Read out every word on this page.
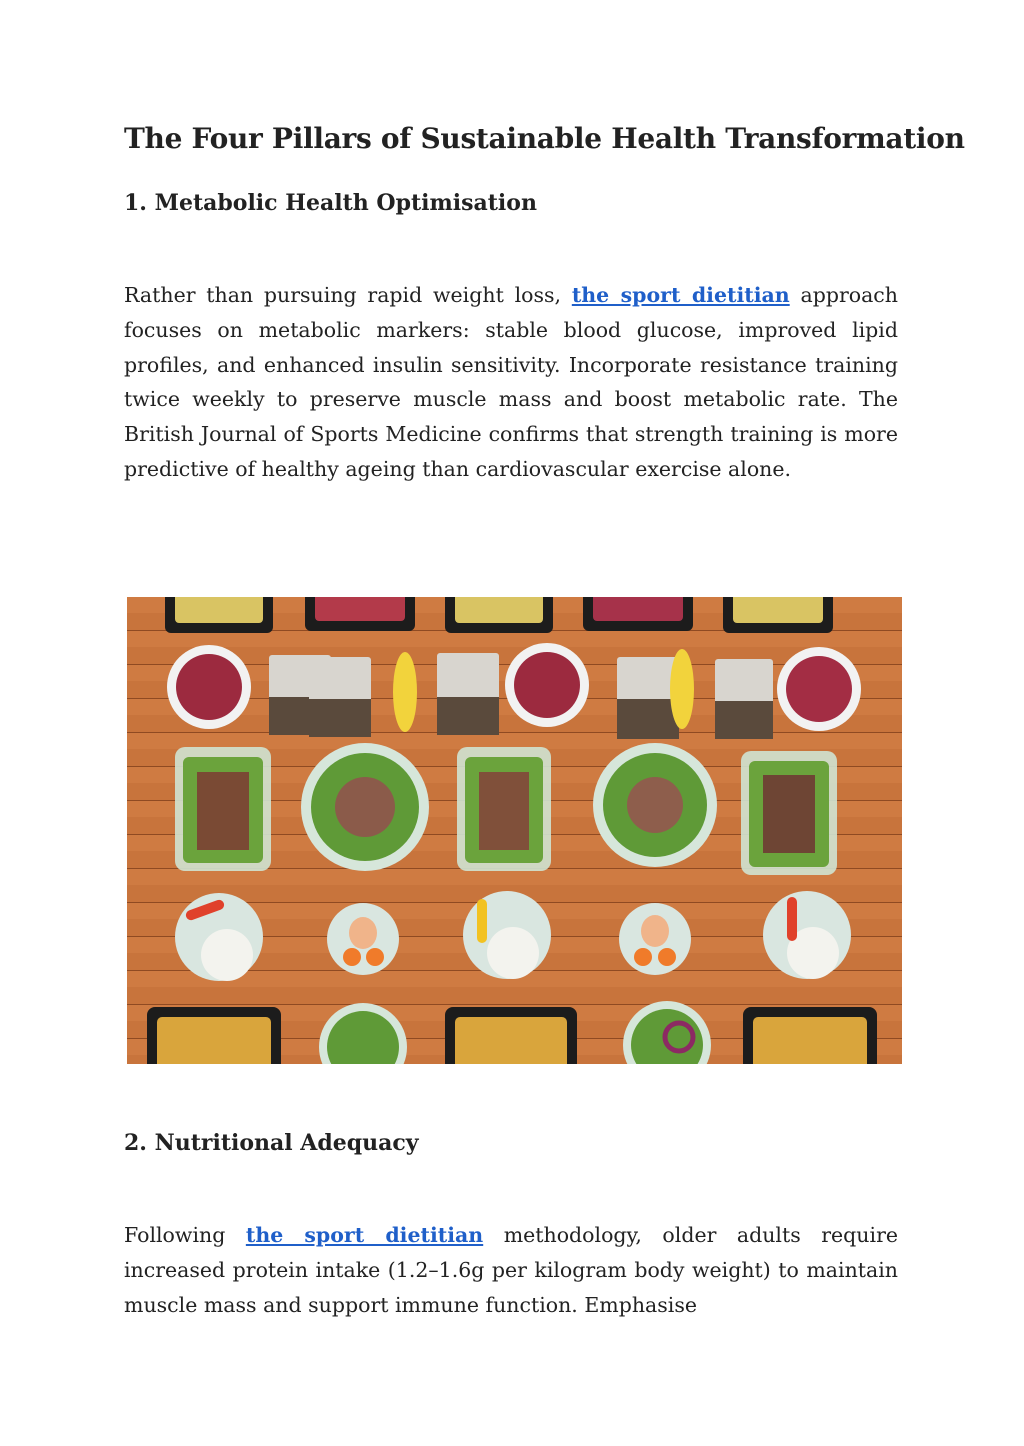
The Four Pillars of Sustainable Health Transformation
1. Metabolic Health Optimisation

Rather than pursuing rapid weight loss, the sport dietitian approach focuses on metabolic markers: stable blood glucose, improved lipid profiles, and enhanced insulin sensitivity. Incorporate resistance training twice weekly to preserve muscle mass and boost metabolic rate. The British Journal of Sports Medicine confirms that strength training is more predictive of healthy ageing than cardiovascular exercise alone.

2. Nutritional Adequacy

Following the sport dietitian methodology, older adults require increased protein intake (1.2–1.6g per kilogram body weight) to maintain muscle mass and support immune function. Emphasise
